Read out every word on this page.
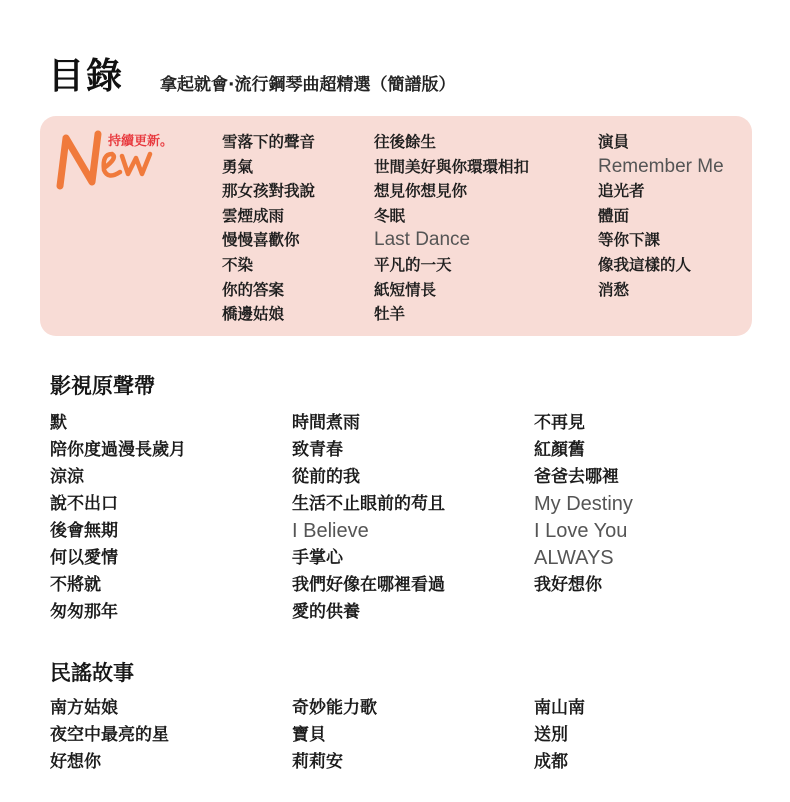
目錄 拿起就會·流行鋼琴曲超精選（簡譜版）
持續更新。	雪落下的聲音
勇氣
那女孩對我說
雲煙成雨
慢慢喜歡你
不染
你的答案
橋邊姑娘
往後餘生
世間美好與你環環相扣
想見你想見你
冬眠
Last Dance
平凡的一天
紙短情長
牡羊
演員
Remember Me
追光者
體面
等你下課
像我這樣的人
消愁
影視原聲帶
默
陪你度過漫長歲月
涼涼
說不出口
後會無期
何以愛情
不將就
匆匆那年
時間煮雨
致青春
從前的我
生活不止眼前的苟且
I Believe
手掌心
我們好像在哪裡看過
愛的供養
不再見
紅顏舊
爸爸去哪裡
My Destiny
I Love You
ALWAYS
我好想你
民謠故事
南方姑娘
夜空中最亮的星
好想你
奇妙能力歌
寶貝
莉莉安
南山南
送別
成都
